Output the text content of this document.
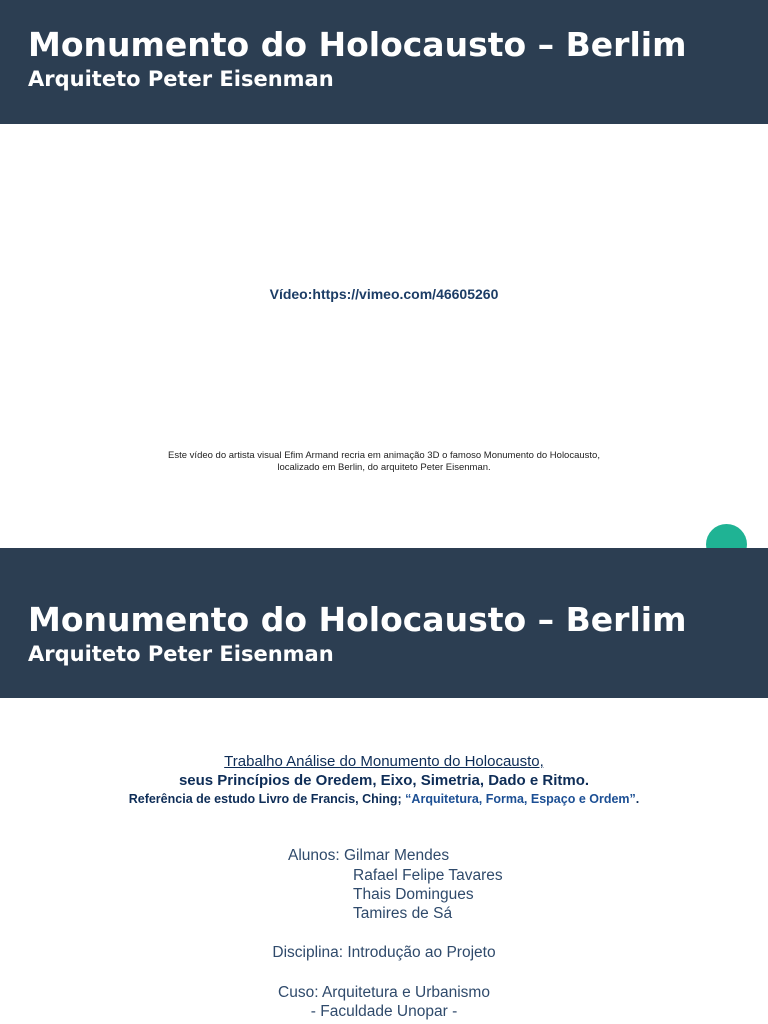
Monumento do Holocausto – Berlim
Arquiteto Peter Eisenman
Vídeo:https://vimeo.com/46605260
Este vídeo do artista visual Efim Armand recria em animação 3D o famoso Monumento do Holocausto,
localizado em Berlin, do arquiteto Peter Eisenman.
Monumento do Holocausto – Berlim
Arquiteto Peter Eisenman
Trabalho Análise do Monumento do Holocausto,
seus Princípios de Oredem, Eixo, Simetria, Dado e Ritmo.
Referência de estudo Livro de Francis, Ching; “Arquitetura, Forma, Espaço e Ordem”.
Alunos: Gilmar Mendes
Rafael Felipe Tavares
Thais Domingues
Tamires de Sá
Disciplina: Introdução ao Projeto
Cuso: Arquitetura e Urbanismo
- Faculdade Unopar -
